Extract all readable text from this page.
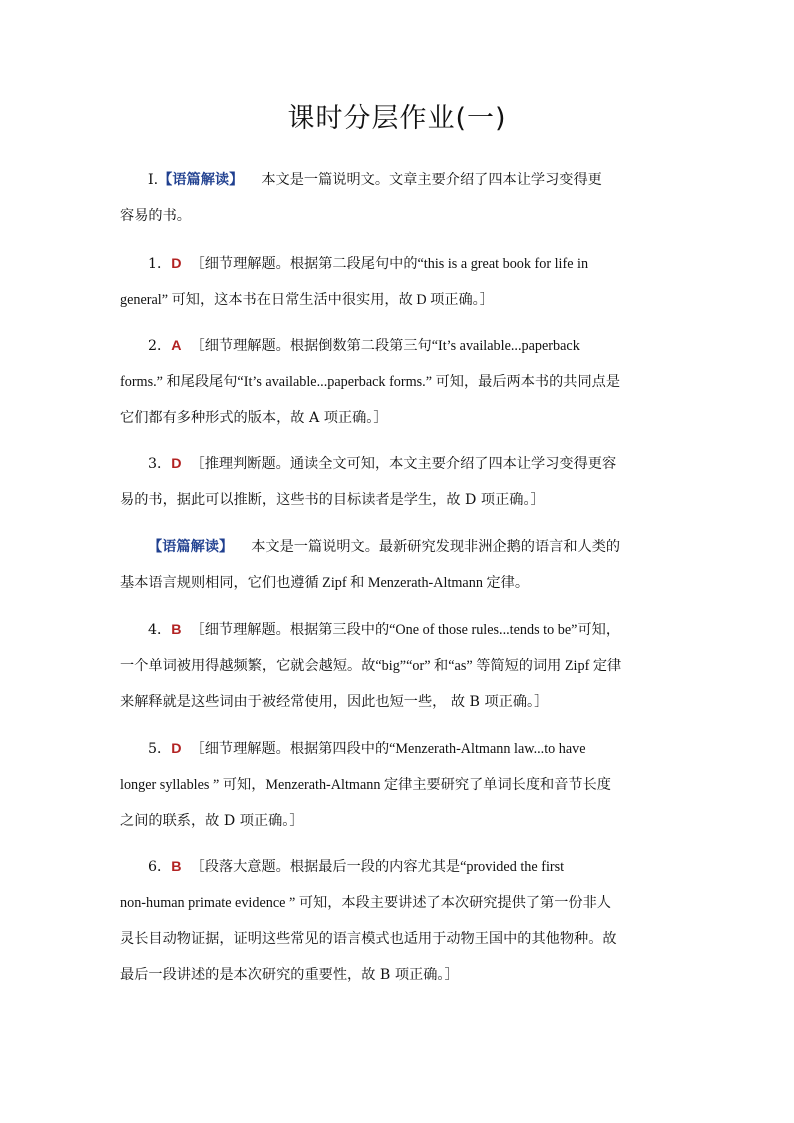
课时分层作业(一)
Ⅰ.【语篇解读】 本文是一篇说明文。文章主要介绍了四本让学习变得更
容易的书。
1．D ［细节理解题。根据第二段尾句中的“this is a great book for life in
general” 可知，这本书在日常生活中很实用，故 D 项正确。］
2．A ［细节理解题。根据倒数第二段第三句“It’s available...paperback
forms.” 和尾段尾句“It’s available...paperback forms.” 可知，最后两本书的共同点是
它们都有多种形式的版本，故 A 项正确。］
3．D ［推理判断题。通读全文可知，本文主要介绍了四本让学习变得更容
易的书，据此可以推断，这些书的目标读者是学生，故 D 项正确。］
【语篇解读】 本文是一篇说明文。最新研究发现非洲企鹅的语言和人类的
基本语言规则相同，它们也遵循 Zipf 和 Menzerath-Altmann 定律。
4．B ［细节理解题。根据第三段中的“One of those rules...tends to be”可知，
一个单词被用得越频繁，它就会越短。故“big”“or” 和“as” 等简短的词用 Zipf 定律
来解释就是这些词由于被经常使用，因此也短一些， 故 B 项正确。］
5．D ［细节理解题。根据第四段中的“Menzerath-Altmann law...to have
longer syllables ” 可知，Menzerath-Altmann 定律主要研究了单词长度和音节长度
之间的联系，故 D 项正确。］
6．B ［段落大意题。根据最后一段的内容尤其是“provided the first
non-human primate evidence ” 可知，本段主要讲述了本次研究提供了第一份非人
灵长目动物证据，证明这些常见的语言模式也适用于动物王国中的其他物种。故
最后一段讲述的是本次研究的重要性，故 B 项正确。］
